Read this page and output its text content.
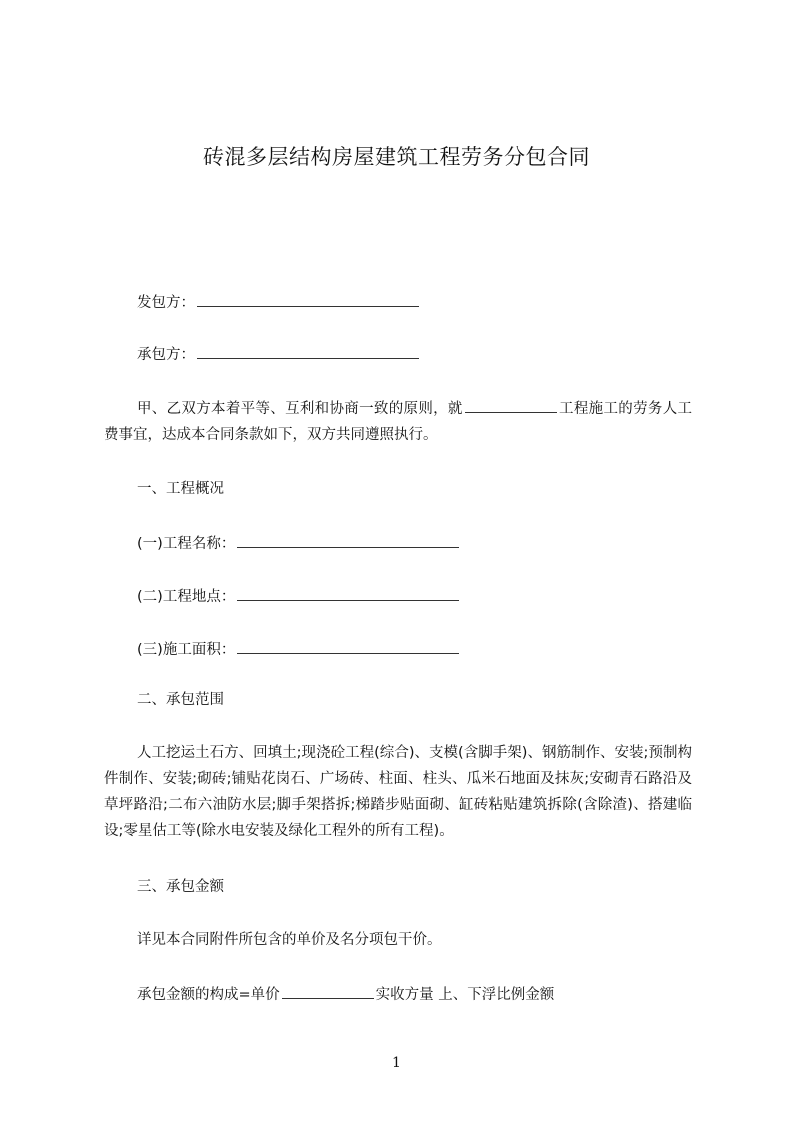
砖混多层结构房屋建筑工程劳务分包合同
发包方：
承包方：
甲、乙双方本着平等、互利和协商一致的原则，就	工程施工的劳务人工费事宜，达成本合同条款如下，双方共同遵照执行。
一、工程概况
(一)工程名称：
(二)工程地点：
(三)施工面积：
二、承包范围
人工挖运土石方、回填土;现浇砼工程(综合)、支模(含脚手架)、钢筋制作、安装;预制构件制作、安装;砌砖;铺贴花岗石、广场砖、柱面、柱头、瓜米石地面及抹灰;安砌青石路沿及草坪路沿;二布六油防水层;脚手架搭拆;梯踏步贴面砌、缸砖粘贴建筑拆除(含除渣)、搭建临设;零星估工等(除水电安装及绿化工程外的所有工程)。
三、承包金额
详见本合同附件所包含的单价及名分项包干价。
承包金额的构成=单价	实收方量 上、下浮比例金额
1
